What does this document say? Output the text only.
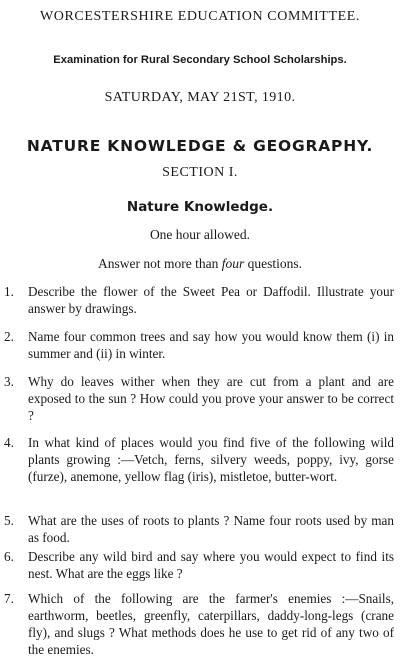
WORCESTERSHIRE EDUCATION COMMITTEE.
Examination for Rural Secondary School Scholarships.
SATURDAY, MAY 21ST, 1910.
NATURE KNOWLEDGE & GEOGRAPHY.
SECTION I.
Nature Knowledge.
One hour allowed.
Answer not more than four questions.
1.	Describe the flower of the Sweet Pea or Daffodil. Illustrate your answer by drawings.
2.	Name four common trees and say how you would know them (i) in summer and (ii) in winter.
3.	Why do leaves wither when they are cut from a plant and are exposed to the sun ? How could you prove your answer to be correct ?
4.	In what kind of places would you find five of the following wild plants growing :—Vetch, ferns, silvery weeds, poppy, ivy, gorse (furze), anemone, yellow flag (iris), mistletoe, butter-wort.
5.	What are the uses of roots to plants ? Name four roots used by man as food.
6.	Describe any wild bird and say where you would expect to find its nest. What are the eggs like ?
7.	Which of the following are the farmer's enemies :—Snails, earthworm, beetles, greenfly, caterpillars, daddy-long-legs (crane fly), and slugs ? What methods does he use to get rid of any two of the enemies.
